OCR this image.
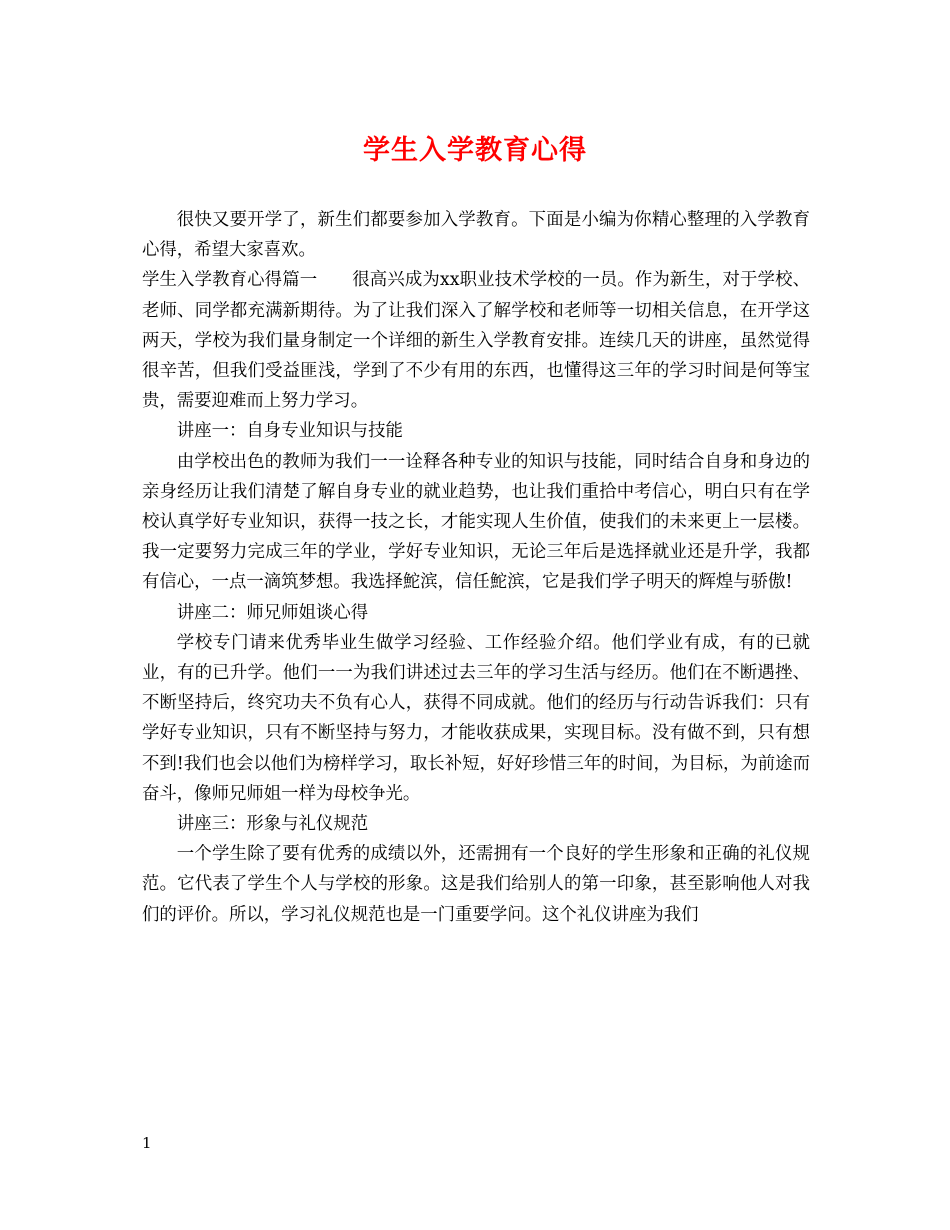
学生入学教育心得

很快又要开学了，新生们都要参加入学教育。下面是小编为你精心整理的入学教育心得，希望大家喜欢。

学生入学教育心得篇一　　很高兴成为xx职业技术学校的一员。作为新生，对于学校、老师、同学都充满新期待。为了让我们深入了解学校和老师等一切相关信息，在开学这两天，学校为我们量身制定一个详细的新生入学教育安排。连续几天的讲座，虽然觉得很辛苦，但我们受益匪浅，学到了不少有用的东西，也懂得这三年的学习时间是何等宝贵，需要迎难而上努力学习。

讲座一：自身专业知识与技能

由学校出色的教师为我们一一诠释各种专业的知识与技能，同时结合自身和身边的亲身经历让我们清楚了解自身专业的就业趋势，也让我们重拾中考信心，明白只有在学校认真学好专业知识，获得一技之长，才能实现人生价值，使我们的未来更上一层楼。我一定要努力完成三年的学业，学好专业知识，无论三年后是选择就业还是升学，我都有信心，一点一滴筑梦想。我选择鮀滨，信任鮀滨，它是我们学子明天的辉煌与骄傲!

讲座二：师兄师姐谈心得

学校专门请来优秀毕业生做学习经验、工作经验介绍。他们学业有成，有的已就业，有的已升学。他们一一为我们讲述过去三年的学习生活与经历。他们在不断遇挫、不断坚持后，终究功夫不负有心人，获得不同成就。他们的经历与行动告诉我们：只有学好专业知识，只有不断坚持与努力，才能收获成果，实现目标。没有做不到，只有想不到!我们也会以他们为榜样学习，取长补短，好好珍惜三年的时间，为目标，为前途而奋斗，像师兄师姐一样为母校争光。

讲座三：形象与礼仪规范

一个学生除了要有优秀的成绩以外，还需拥有一个良好的学生形象和正确的礼仪规范。它代表了学生个人与学校的形象。这是我们给别人的第一印象，甚至影响他人对我们的评价。所以，学习礼仪规范也是一门重要学问。这个礼仪讲座为我们

1
